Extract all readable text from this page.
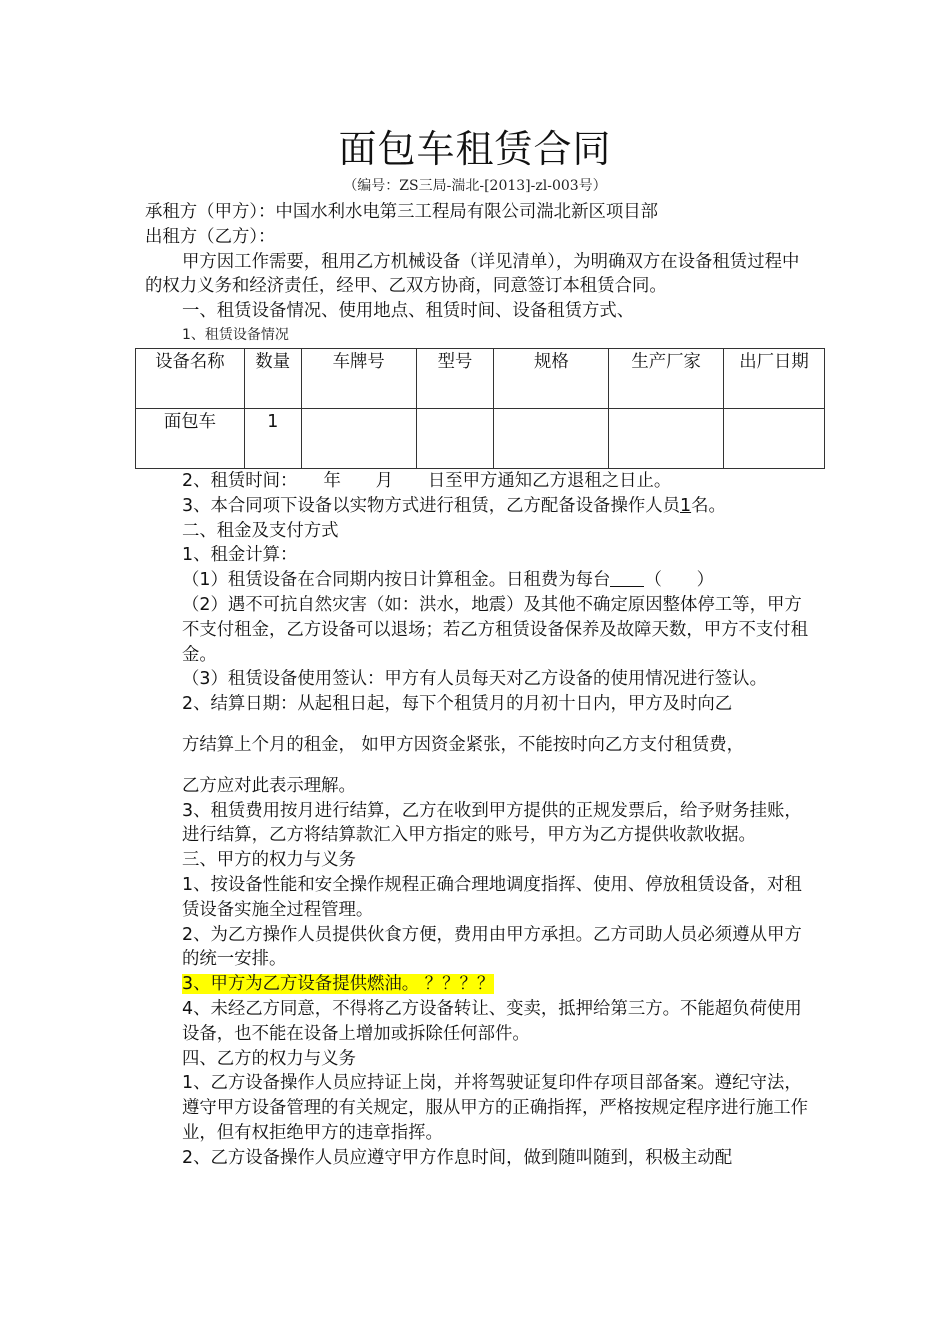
面包车租赁合同
（编号：ZS三局-湍北-[2013]-zl-003号）

承租方（甲方）：中国水利水电第三工程局有限公司湍北新区项目部

出租方（乙方）：

甲方因工作需要，租用乙方机械设备（详见清单），为明确双方在设备租赁过程中的权力义务和经济责任，经甲、乙双方协商，同意签订本租赁合同。

一、租赁设备情况、使用地点、租赁时间、设备租赁方式、

1、租赁设备情况

设备名称	数量	车牌号	型号	规格	生产厂家	出厂日期
面包车	1					

2、租赁时间：　　年　　月　　日至甲方通知乙方退租之日止。

3、本合同项下设备以实物方式进行租赁，乙方配备设备操作人员1名。

二、租金及支付方式

1、租金计算：

（1）租赁设备在合同期内按日计算租金。日租费为每台 （　　）

（2）遇不可抗自然灾害（如：洪水，地震）及其他不确定原因整体停工等，甲方不支付租金，乙方设备可以退场；若乙方租赁设备保养及故障天数，甲方不支付租金。

（3）租赁设备使用签认：甲方有人员每天对乙方设备的使用情况进行签认。

2、结算日期：从起租日起，每下个租赁月的月初十日内，甲方及时向乙

方结算上个月的租金， 如甲方因资金紧张，不能按时向乙方支付租赁费，

乙方应对此表示理解。

3、租赁费用按月进行结算，乙方在收到甲方提供的正规发票后，给予财务挂账，进行结算，乙方将结算款汇入甲方指定的账号，甲方为乙方提供收款收据。

三、甲方的权力与义务

1、按设备性能和安全操作规程正确合理地调度指挥、使用、停放租赁设备，对租赁设备实施全过程管理。

2、为乙方操作人员提供伙食方便，费用由甲方承担。乙方司助人员必须遵从甲方的统一安排。

3、甲方为乙方设备提供燃油。 ？？？？

4、未经乙方同意，不得将乙方设备转让、变卖，抵押给第三方。不能超负荷使用设备，也不能在设备上增加或拆除任何部件。

四、乙方的权力与义务

1、乙方设备操作人员应持证上岗，并将驾驶证复印件存项目部备案。遵纪守法，遵守甲方设备管理的有关规定，服从甲方的正确指挥，严格按规定程序进行施工作业，但有权拒绝甲方的违章指挥。

2、乙方设备操作人员应遵守甲方作息时间，做到随叫随到，积极主动配
